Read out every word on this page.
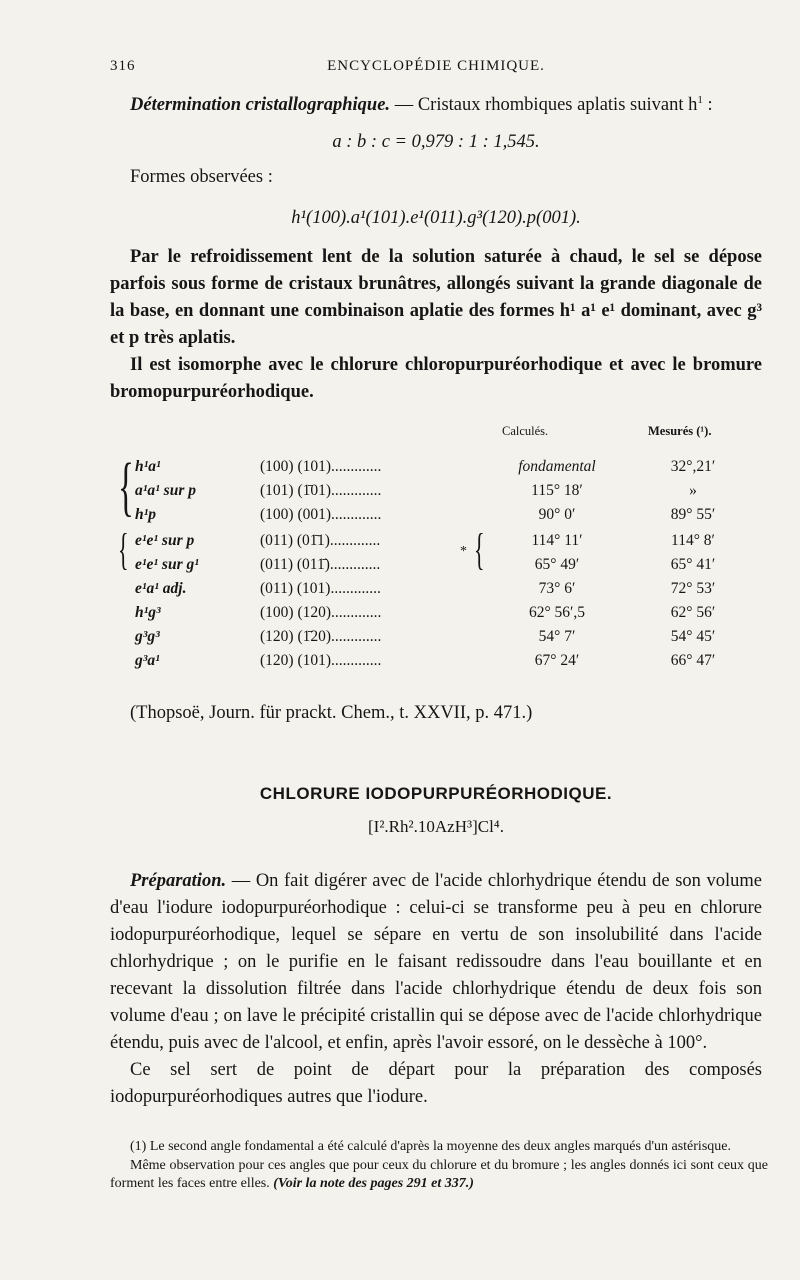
316	ENCYCLOPÉDIE CHIMIQUE.

Détermination cristallographique. — Cristaux rhombiques aplatis suivant $h^1$ :

a : b : c = 0,979 : 1 : 1,545.

Formes observées :

h¹(100).a¹(101).e¹(011).g³(120).p(001).

Par le refroidissement lent de la solution saturée à chaud, le sel se dépose parfois sous forme de cristaux brunâtres, allongés suivant la grande diagonale de la base, en donnant une combinaison aplatie des formes h¹ a¹ e¹ dominant, avec g³ et p très aplatis.

Il est isomorphe avec le chlorure chloropurpuréorhodique et avec le bromure bromopurpuréorhodique.

Calculés.	Mesurés (¹).
{
{	{
*
h¹a¹	(100) (101).............	fondamental	32°,21′
a¹a¹ sur p	(101) (1̄01).............	115° 18′	»
h¹p	(100) (001).............	90° 0′	89° 55′
e¹e¹ sur p	(011) (01̄1).............	114° 11′	114° 8′
e¹e¹ sur g¹	(011) (011̄).............	65° 49′	65° 41′
e¹a¹ adj.	(011) (101).............	73° 6′	72° 53′
h¹g³	(100) (120).............	62° 56′,5	62° 56′
g³g³	(120) (1̄20).............	54° 7′	54° 45′
g³a¹	(120) (101).............	67° 24′	66° 47′
(Thopsoë, Journ. für prackt. Chem., t. XXVII, p. 471.)
CHLORURE IODOPURPURÉORHODIQUE.
[I².Rh².10AzH³]Cl⁴.

Préparation. — On fait digérer avec de l'acide chlorhydrique étendu de son volume d'eau l'iodure iodopurpuréorhodique : celui-ci se transforme peu à peu en chlorure iodopurpuréorhodique, lequel se sépare en vertu de son insolubilité dans l'acide chlorhydrique ; on le purifie en le faisant redissoudre dans l'eau bouillante et en recevant la dissolution filtrée dans l'acide chlorhydrique étendu de deux fois son volume d'eau ; on lave le précipité cristallin qui se dépose avec de l'acide chlorhydrique étendu, puis avec de l'alcool, et enfin, après l'avoir essoré, on le dessèche à 100°.

Ce sel sert de point de départ pour la préparation des composés iodopurpuréorhodiques autres que l'iodure.

(1) Le second angle fondamental a été calculé d'après la moyenne des deux angles marqués d'un astérisque.

Même observation pour ces angles que pour ceux du chlorure et du bromure ; les angles donnés ici sont ceux que forment les faces entre elles. (Voir la note des pages 291 et 337.)
